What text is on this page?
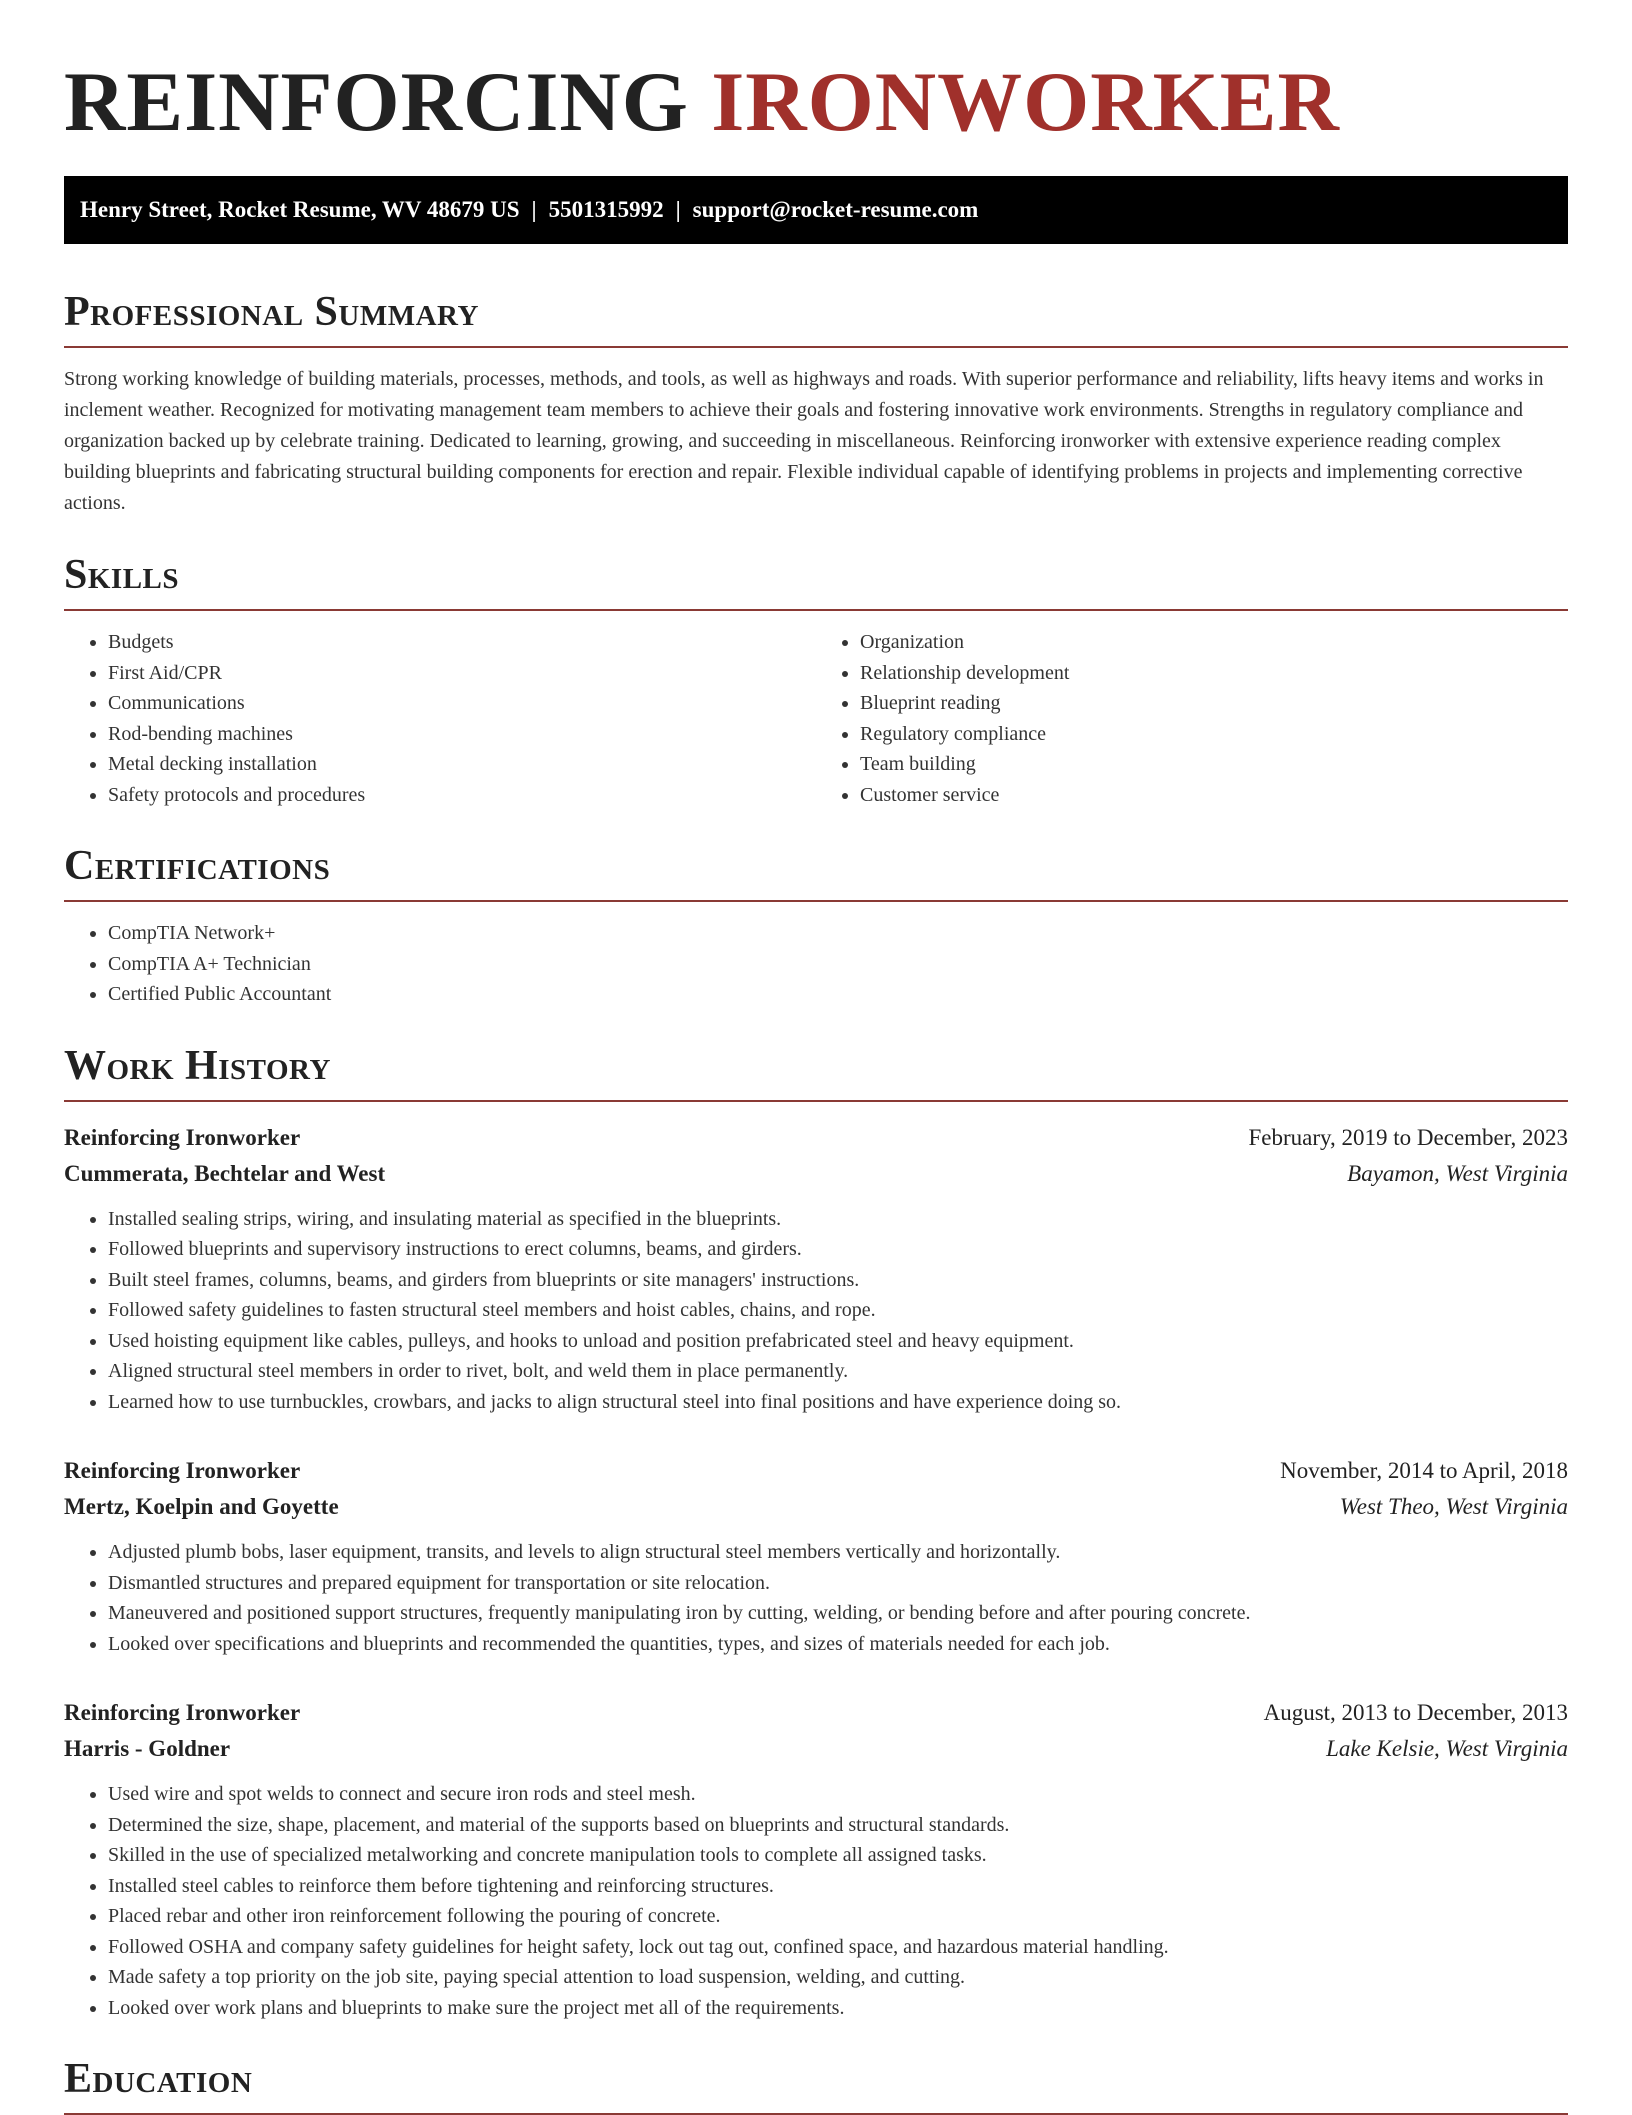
REINFORCING IRONWORKER
Henry Street, Rocket Resume, WV 48679 US | 5501315992 | support@rocket-resume.com
Professional Summary

Strong working knowledge of building materials, processes, methods, and tools, as well as highways and roads. With superior performance and reliability, lifts heavy items and works in inclement weather. Recognized for motivating management team members to achieve their goals and fostering innovative work environments. Strengths in regulatory compliance and organization backed up by celebrate training. Dedicated to learning, growing, and succeeding in miscellaneous. Reinforcing ironworker with extensive experience reading complex building blueprints and fabricating structural building components for erection and repair. Flexible individual capable of identifying problems in projects and implementing corrective actions.

Skills
• Budgets
• First Aid/CPR
• Communications
• Rod-bending machines
• Metal decking installation
• Safety protocols and procedures
• Organization
• Relationship development
• Blueprint reading
• Regulatory compliance
• Team building
• Customer service
Certifications
• CompTIA Network+
• CompTIA A+ Technician
• Certified Public Accountant
Work History
Reinforcing Ironworker	February, 2019 to December, 2023
Cummerata, Bechtelar and West	Bayamon, West Virginia
• Installed sealing strips, wiring, and insulating material as specified in the blueprints.
• Followed blueprints and supervisory instructions to erect columns, beams, and girders.
• Built steel frames, columns, beams, and girders from blueprints or site managers' instructions.
• Followed safety guidelines to fasten structural steel members and hoist cables, chains, and rope.
• Used hoisting equipment like cables, pulleys, and hooks to unload and position prefabricated steel and heavy equipment.
• Aligned structural steel members in order to rivet, bolt, and weld them in place permanently.
• Learned how to use turnbuckles, crowbars, and jacks to align structural steel into final positions and have experience doing so.
Reinforcing Ironworker	November, 2014 to April, 2018
Mertz, Koelpin and Goyette	West Theo, West Virginia
• Adjusted plumb bobs, laser equipment, transits, and levels to align structural steel members vertically and horizontally.
• Dismantled structures and prepared equipment for transportation or site relocation.
• Maneuvered and positioned support structures, frequently manipulating iron by cutting, welding, or bending before and after pouring concrete.
• Looked over specifications and blueprints and recommended the quantities, types, and sizes of materials needed for each job.
Reinforcing Ironworker	August, 2013 to December, 2013
Harris - Goldner	Lake Kelsie, West Virginia
• Used wire and spot welds to connect and secure iron rods and steel mesh.
• Determined the size, shape, placement, and material of the supports based on blueprints and structural standards.
• Skilled in the use of specialized metalworking and concrete manipulation tools to complete all assigned tasks.
• Installed steel cables to reinforce them before tightening and reinforcing structures.
• Placed rebar and other iron reinforcement following the pouring of concrete.
• Followed OSHA and company safety guidelines for height safety, lock out tag out, confined space, and hazardous material handling.
• Made safety a top priority on the job site, paying special attention to load suspension, welding, and cutting.
• Looked over work plans and blueprints to make sure the project met all of the requirements.
Education
